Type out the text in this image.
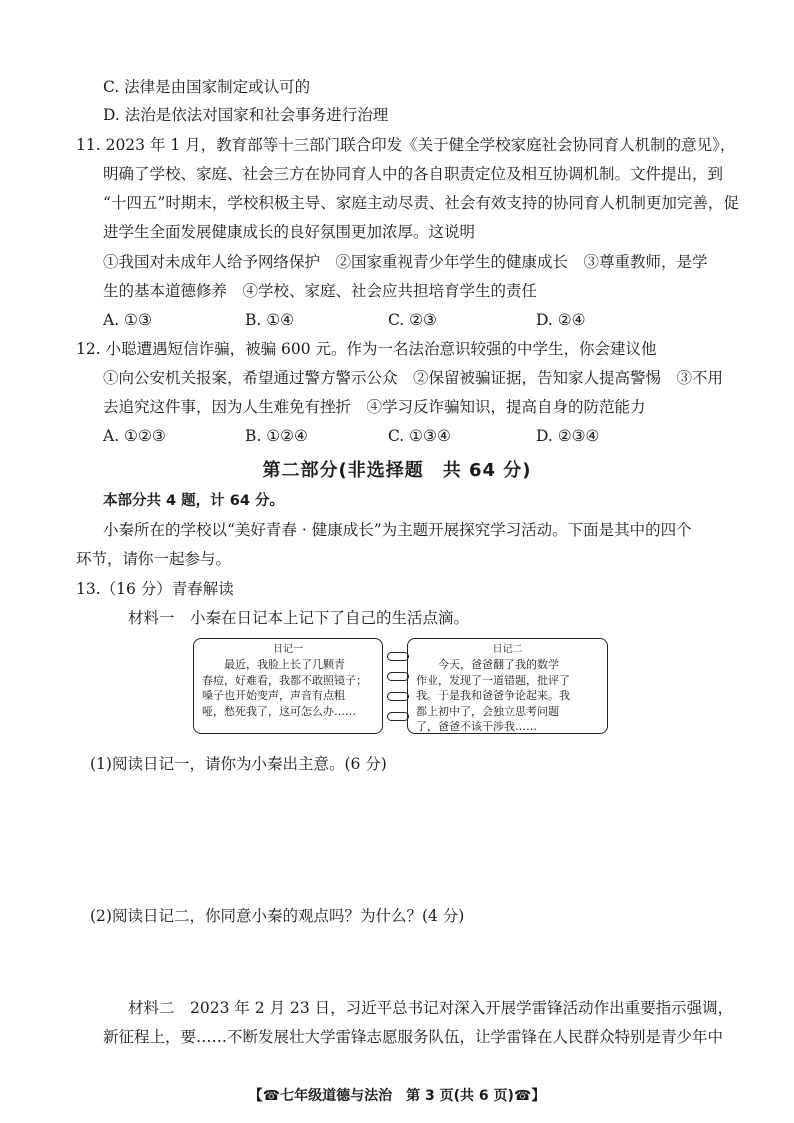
C. 法律是由国家制定或认可的
D. 法治是依法对国家和社会事务进行治理
11. 2023 年 1 月，教育部等十三部门联合印发《关于健全学校家庭社会协同育人机制的意见》，
明确了学校、家庭、社会三方在协同育人中的各自职责定位及相互协调机制。文件提出，到
“十四五”时期末，学校积极主导、家庭主动尽责、社会有效支持的协同育人机制更加完善，促
进学生全面发展健康成长的良好氛围更加浓厚。这说明
①我国对未成年人给予网络保护　②国家重视青少年学生的健康成长　③尊重教师，是学
生的基本道德修养　④学校、家庭、社会应共担培育学生的责任
A. ①③	B. ①④	C. ②③	D. ②④
12. 小聪遭遇短信诈骗，被骗 600 元。作为一名法治意识较强的中学生，你会建议他
①向公安机关报案，希望通过警方警示公众　②保留被骗证据，告知家人提高警惕　③不用
去追究这件事，因为人生难免有挫折　④学习反诈骗知识，提高自身的防范能力
A. ①②③	B. ①②④	C. ①③④	D. ②③④
第二部分(非选择题　共 64 分)
本部分共 4 题，计 64 分。
小秦所在的学校以“美好青春 · 健康成长”为主题开展探究学习活动。下面是其中的四个
环节，请你一起参与。
13.（16 分）青春解读
材料一　小秦在日记本上记下了自己的生活点滴。
日记一
　　最近，我脸上长了几颗青
春痘，好难看，我都不敢照镜子；
嗓子也开始变声，声音有点粗
哑，愁死我了，这可怎么办……
日记二
　　今天，爸爸翻了我的数学
作业，发现了一道错题，批评了
我。于是我和爸爸争论起来。我
都上初中了，会独立思考问题
了，爸爸不该干涉我……
(1)阅读日记一，请你为小秦出主意。(6 分)
(2)阅读日记二，你同意小秦的观点吗？为什么？(4 分)
材料二　2023 年 2 月 23 日，习近平总书记对深入开展学雷锋活动作出重要指示强调，
新征程上，要……不断发展壮大学雷锋志愿服务队伍，让学雷锋在人民群众特别是青少年中
【☎七年级道德与法治　第 3 页(共 6 页)☎】
